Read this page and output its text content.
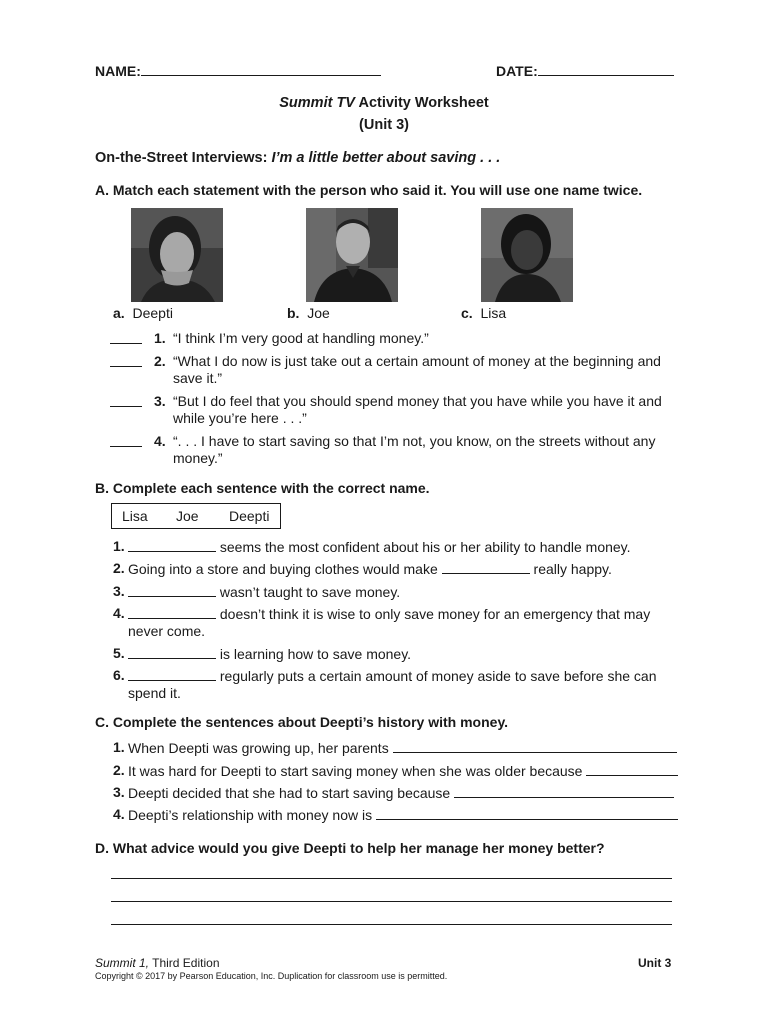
NAME:	DATE:
Summit TV Activity Worksheet
(Unit 3)
On-the-Street Interviews: I’m a little better about saving . . .
A. Match each statement with the person who said it. You will use one name twice.
a. Deepti	b. Joe	c. Lisa
1. “I think I’m very good at handling money.”
2. “What I do now is just take out a certain amount of money at the beginning and save it.”
3. “But I do feel that you should spend money that you have while you have it and while you’re here . . .”
4. “. . . I have to start saving so that I’m not, you know, on the streets without any money.”
B. Complete each sentence with the correct name.
Lisa Joe Deepti
1.	seems the most confident about his or her ability to handle money.
2. Going into a store and buying clothes would make	really happy.
3.	wasn’t taught to save money.
4.	doesn’t think it is wise to only save money for an emergency that may
never come.
5.	is learning how to save money.
6.	regularly puts a certain amount of money aside to save before she can
spend it.
C. Complete the sentences about Deepti’s history with money.
1. When Deepti was growing up, her parents
2. It was hard for Deepti to start saving money when she was older because
3. Deepti decided that she had to start saving because
4. Deepti’s relationship with money now is
D. What advice would you give Deepti to help her manage her money better?
Summit 1, Third Edition	Unit 3
Copyright © 2017 by Pearson Education, Inc. Duplication for classroom use is permitted.
